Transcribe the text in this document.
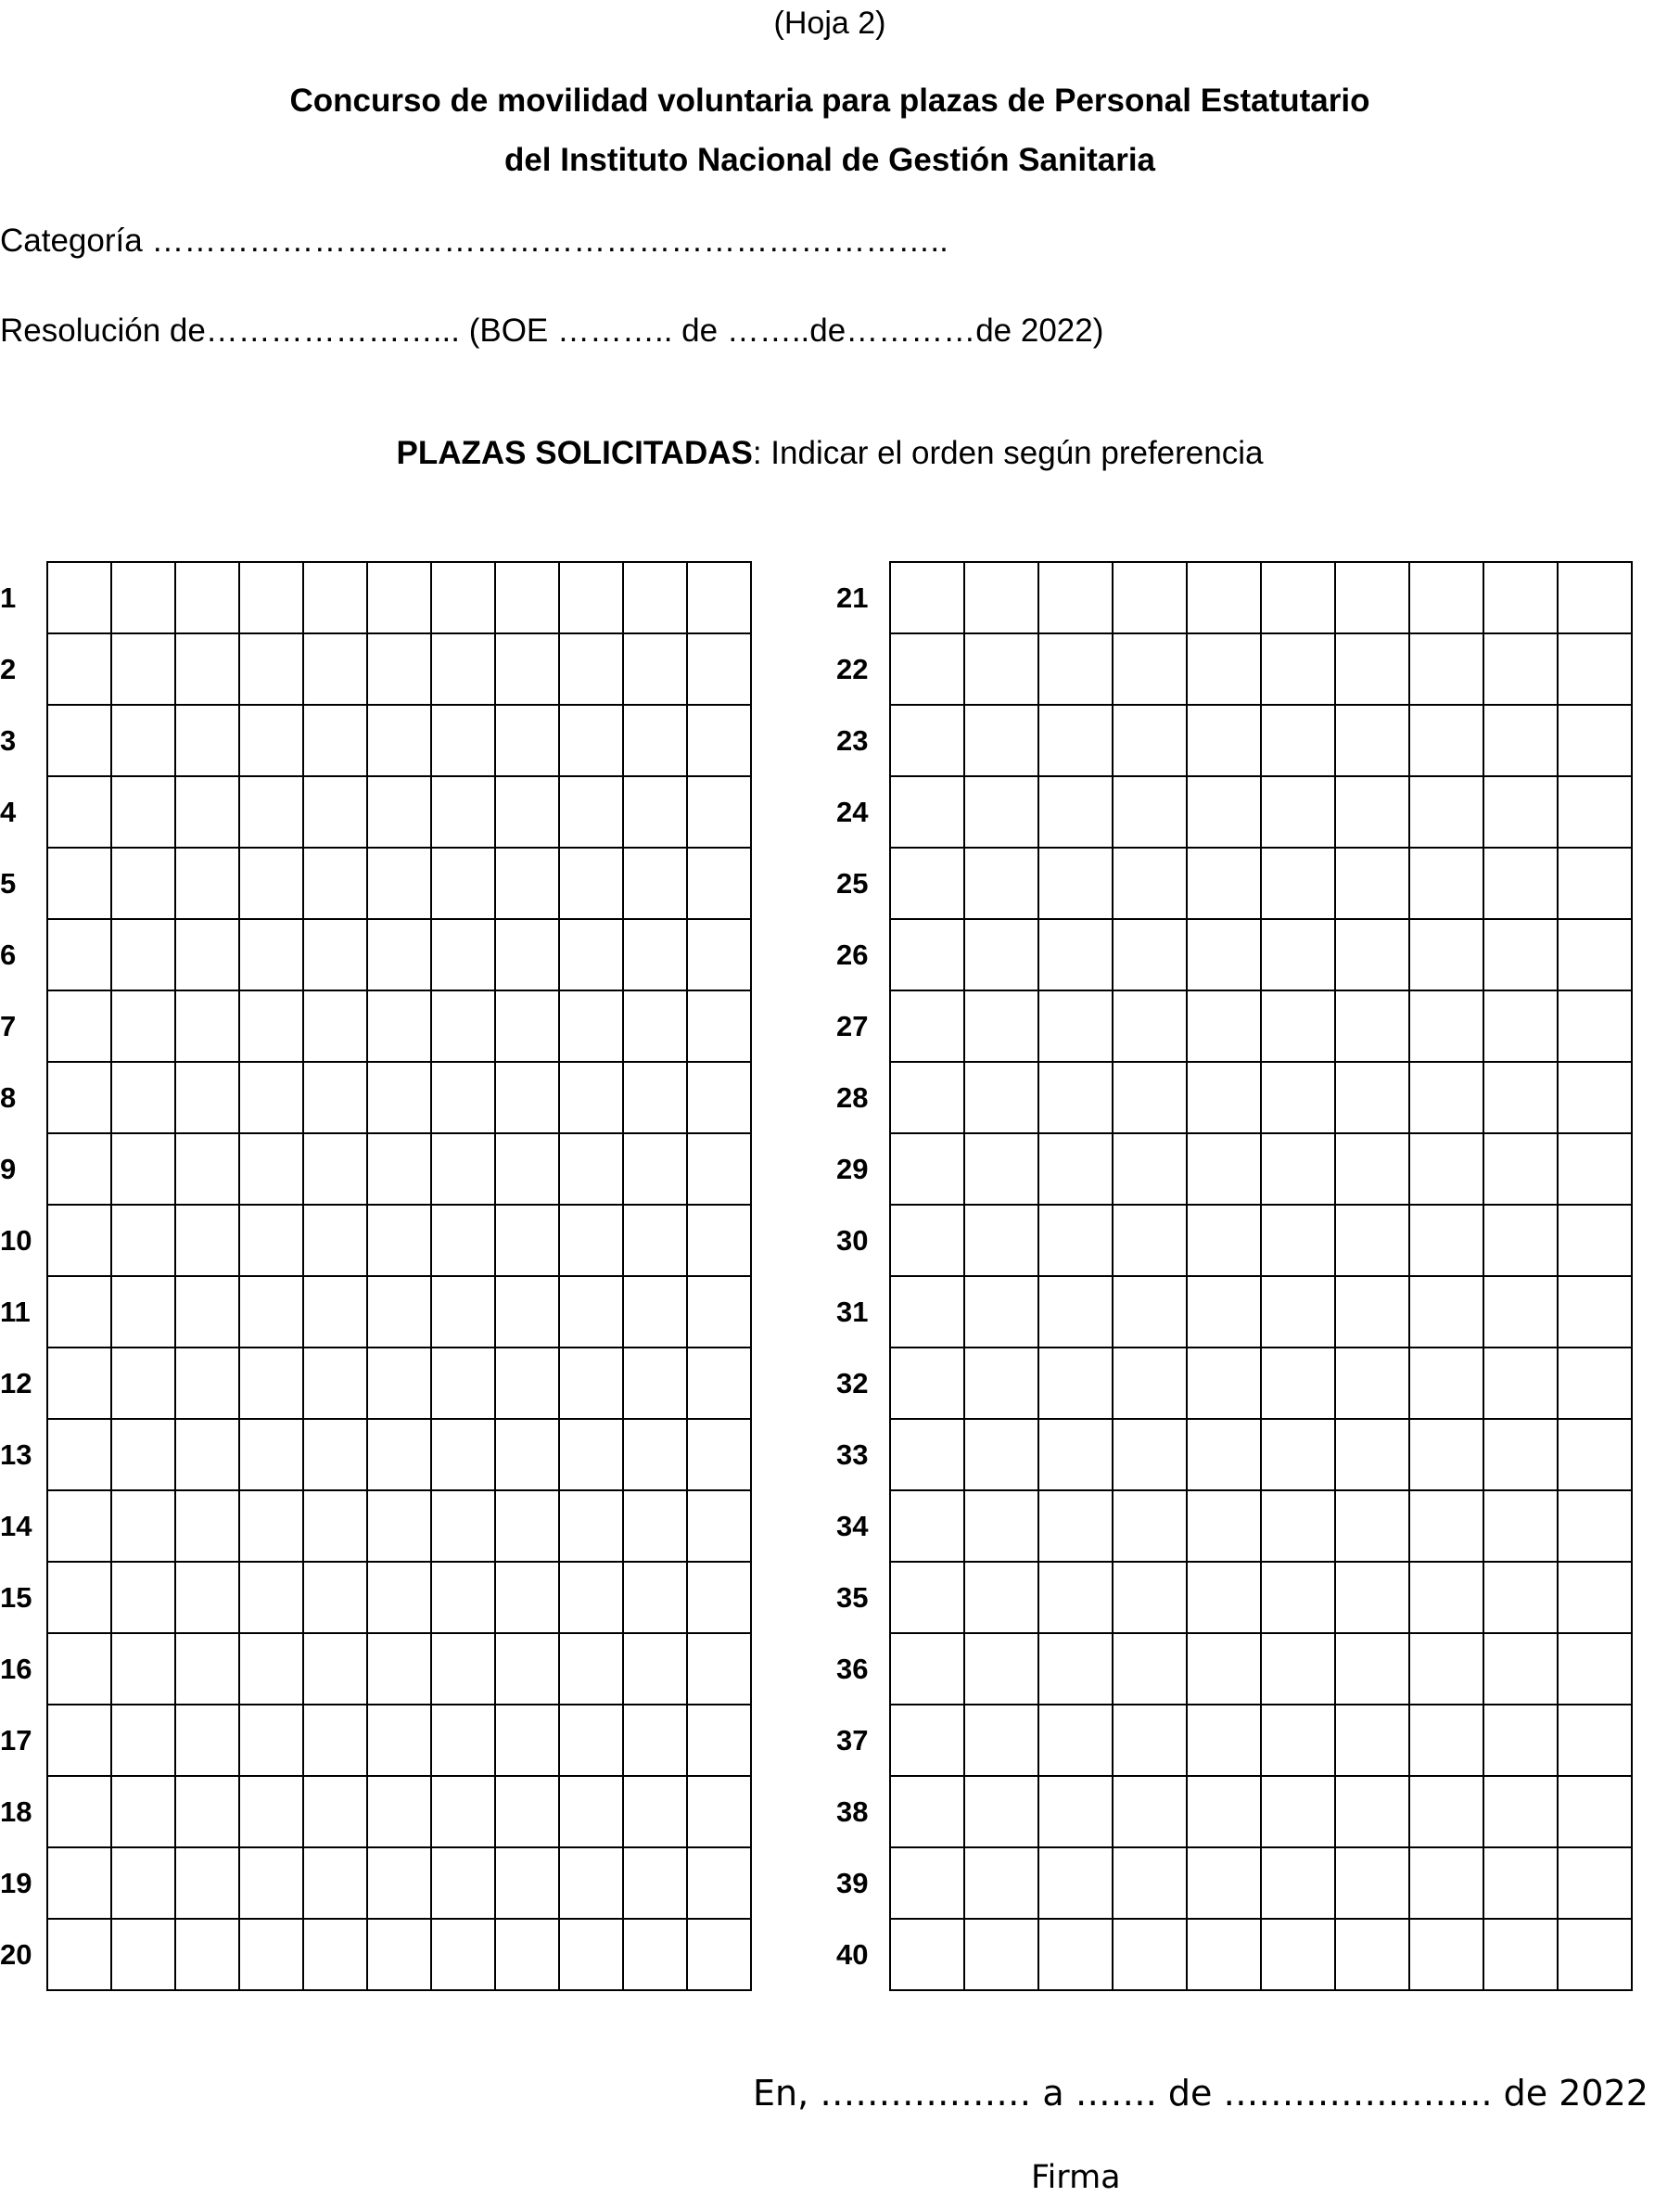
(Hoja 2)
Concurso de movilidad voluntaria para plazas de Personal Estatutario
del Instituto Nacional de Gestión Sanitaria
Categoría ………………………………………………………………..
Resolución de…………………... (BOE ……….. de ……..de…………de 2022)
PLAZAS SOLICITADAS: Indicar el orden según preferencia
1											
2											
3											
4											
5											
6											
7											
8											
9											
10											
11											
12											
13											
14											
15											
16											
17											
18											
19											
20											
21										
22										
23										
24										
25										
26										
27										
28										
29										
30										
31										
32										
33										
34										
35										
36										
37										
38										
39										
40										
En, ……………… a ……. de ………………….. de 2022
Firma
